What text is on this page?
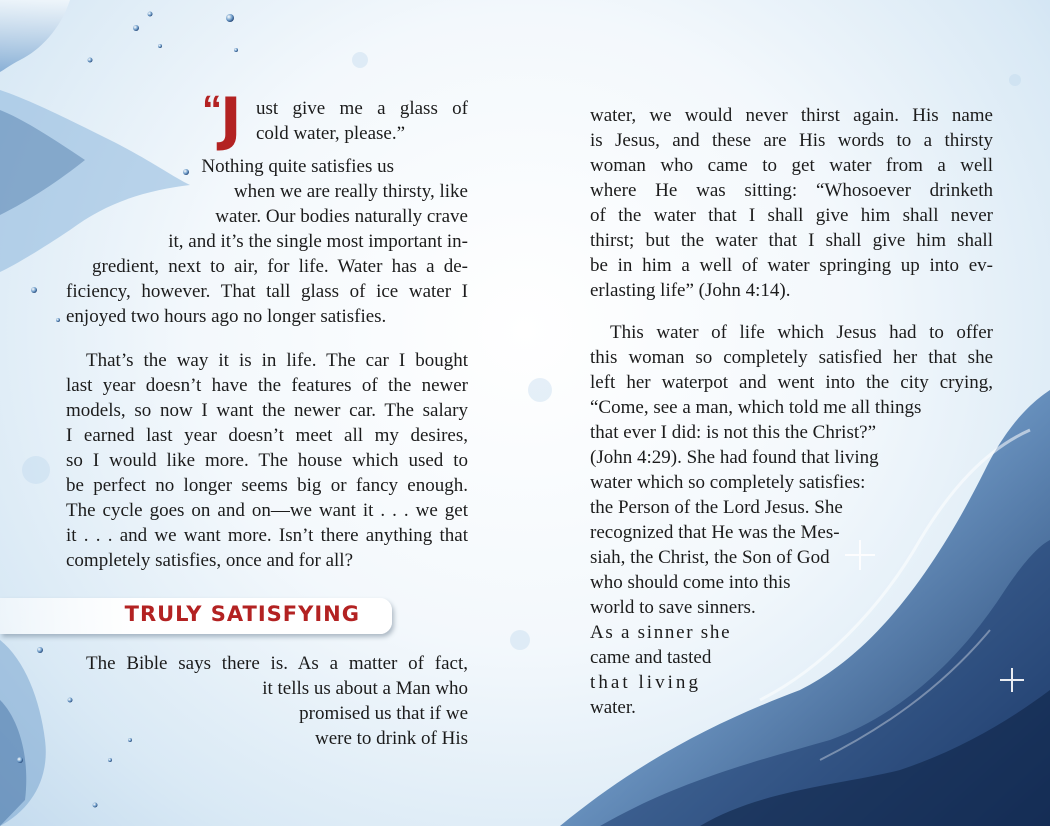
“
J ust give me a glass of
cold water, please.”
Nothing quite satisfies us
when we are really thirsty, like
water. Our bodies naturally crave
it, and it’s the single most important in-
gredient, next to air, for life. Water has a de-
ficiency, however. That tall glass of ice water I
enjoyed two hours ago no longer satisfies.
That’s the way it is in life. The car I bought
last year doesn’t have the features of the newer
models, so now I want the newer car. The salary
I earned last year doesn’t meet all my desires,
so I would like more. The house which used to
be perfect no longer seems big or fancy enough.
The cycle goes on and on—we want it . . . we get
it . . . and we want more. Isn’t there anything that
completely satisfies, once and for all?
TRULY SATISFYING
The Bible says there is. As a matter of fact,
it tells us about a Man who
promised us that if we
were to drink of His
water, we would never thirst again. His name
is Jesus, and these are His words to a thirsty
woman who came to get water from a well
where He was sitting: “Whosoever drinketh
of the water that I shall give him shall never
thirst; but the water that I shall give him shall
be in him a well of water springing up into ev-
erlasting life” (John 4:14).
This water of life which Jesus had to offer
this woman so completely satisfied her that she
left her waterpot and went into the city crying,
“Come, see a man, which told me all things
that ever I did: is not this the Christ?”
(John 4:29). She had found that living
water which so completely satisfies:
the Person of the Lord Jesus. She
recognized that He was the Mes-
siah, the Christ, the Son of God
who should come into this
world to save sinners.
As a sinner she
came and tasted
that living
water.
